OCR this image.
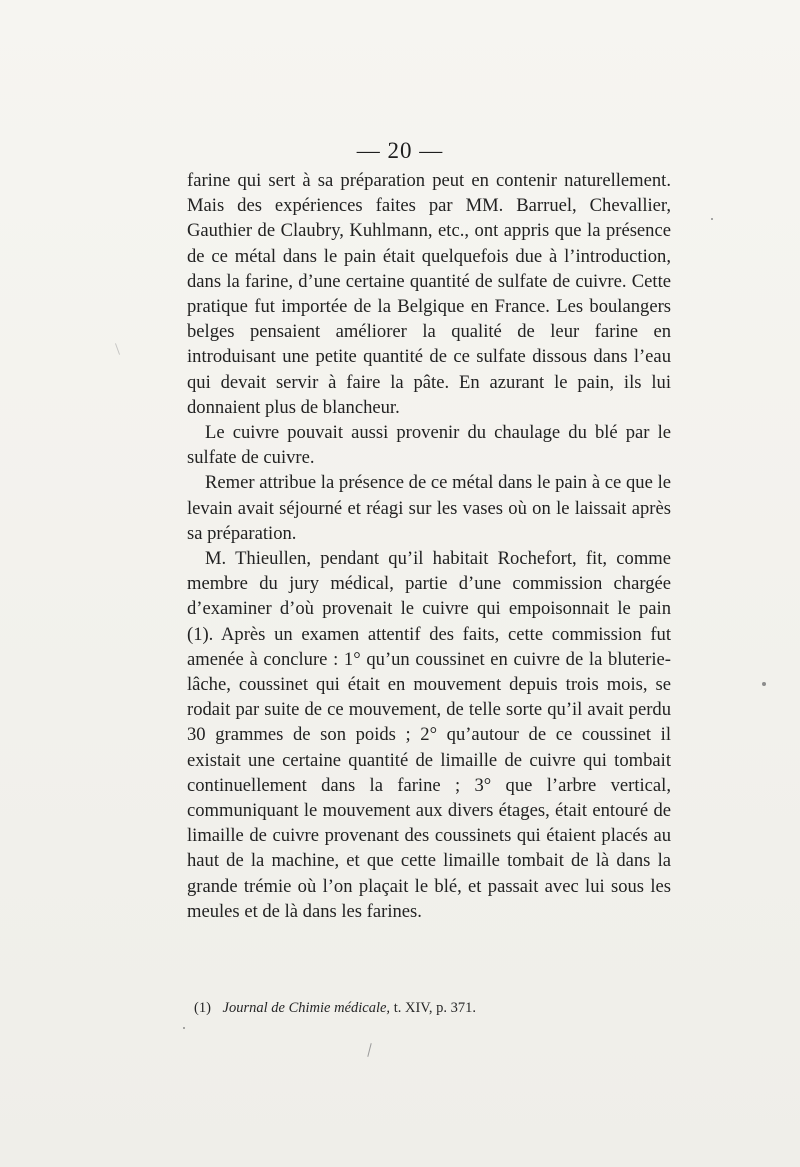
— 20 —

farine qui sert à sa préparation peut en contenir naturellement. Mais des expériences faites par MM. Barruel, Chevallier, Gauthier de Claubry, Kuhlmann, etc., ont appris que la présence de ce métal dans le pain était quelquefois due à l’introduction, dans la farine, d’une certaine quantité de sulfate de cuivre. Cette pratique fut importée de la Belgique en France. Les boulangers belges pensaient améliorer la qualité de leur farine en introduisant une petite quantité de ce sulfate dissous dans l’eau qui devait servir à faire la pâte. En azurant le pain, ils lui donnaient plus de blancheur.

Le cuivre pouvait aussi provenir du chaulage du blé par le sulfate de cuivre.

Remer attribue la présence de ce métal dans le pain à ce que le levain avait séjourné et réagi sur les vases où on le laissait après sa préparation.

M. Thieullen, pendant qu’il habitait Rochefort, fit, comme membre du jury médical, partie d’une commission chargée d’examiner d’où provenait le cuivre qui empoisonnait le pain (1). Après un examen attentif des faits, cette commission fut amenée à conclure : 1° qu’un coussinet en cuivre de la bluterie-lâche, coussinet qui était en mouvement depuis trois mois, se rodait par suite de ce mouvement, de telle sorte qu’il avait perdu 30 grammes de son poids ; 2° qu’autour de ce coussinet il existait une certaine quantité de limaille de cuivre qui tombait continuellement dans la farine ; 3° que l’arbre vertical, communiquant le mouvement aux divers étages, était entouré de limaille de cuivre provenant des coussinets qui étaient placés au haut de la machine, et que cette limaille tombait de là dans la grande trémie où l’on plaçait le blé, et passait avec lui sous les meules et de là dans les farines.

(1) Journal de Chimie médicale, t. XIV, p. 371.
